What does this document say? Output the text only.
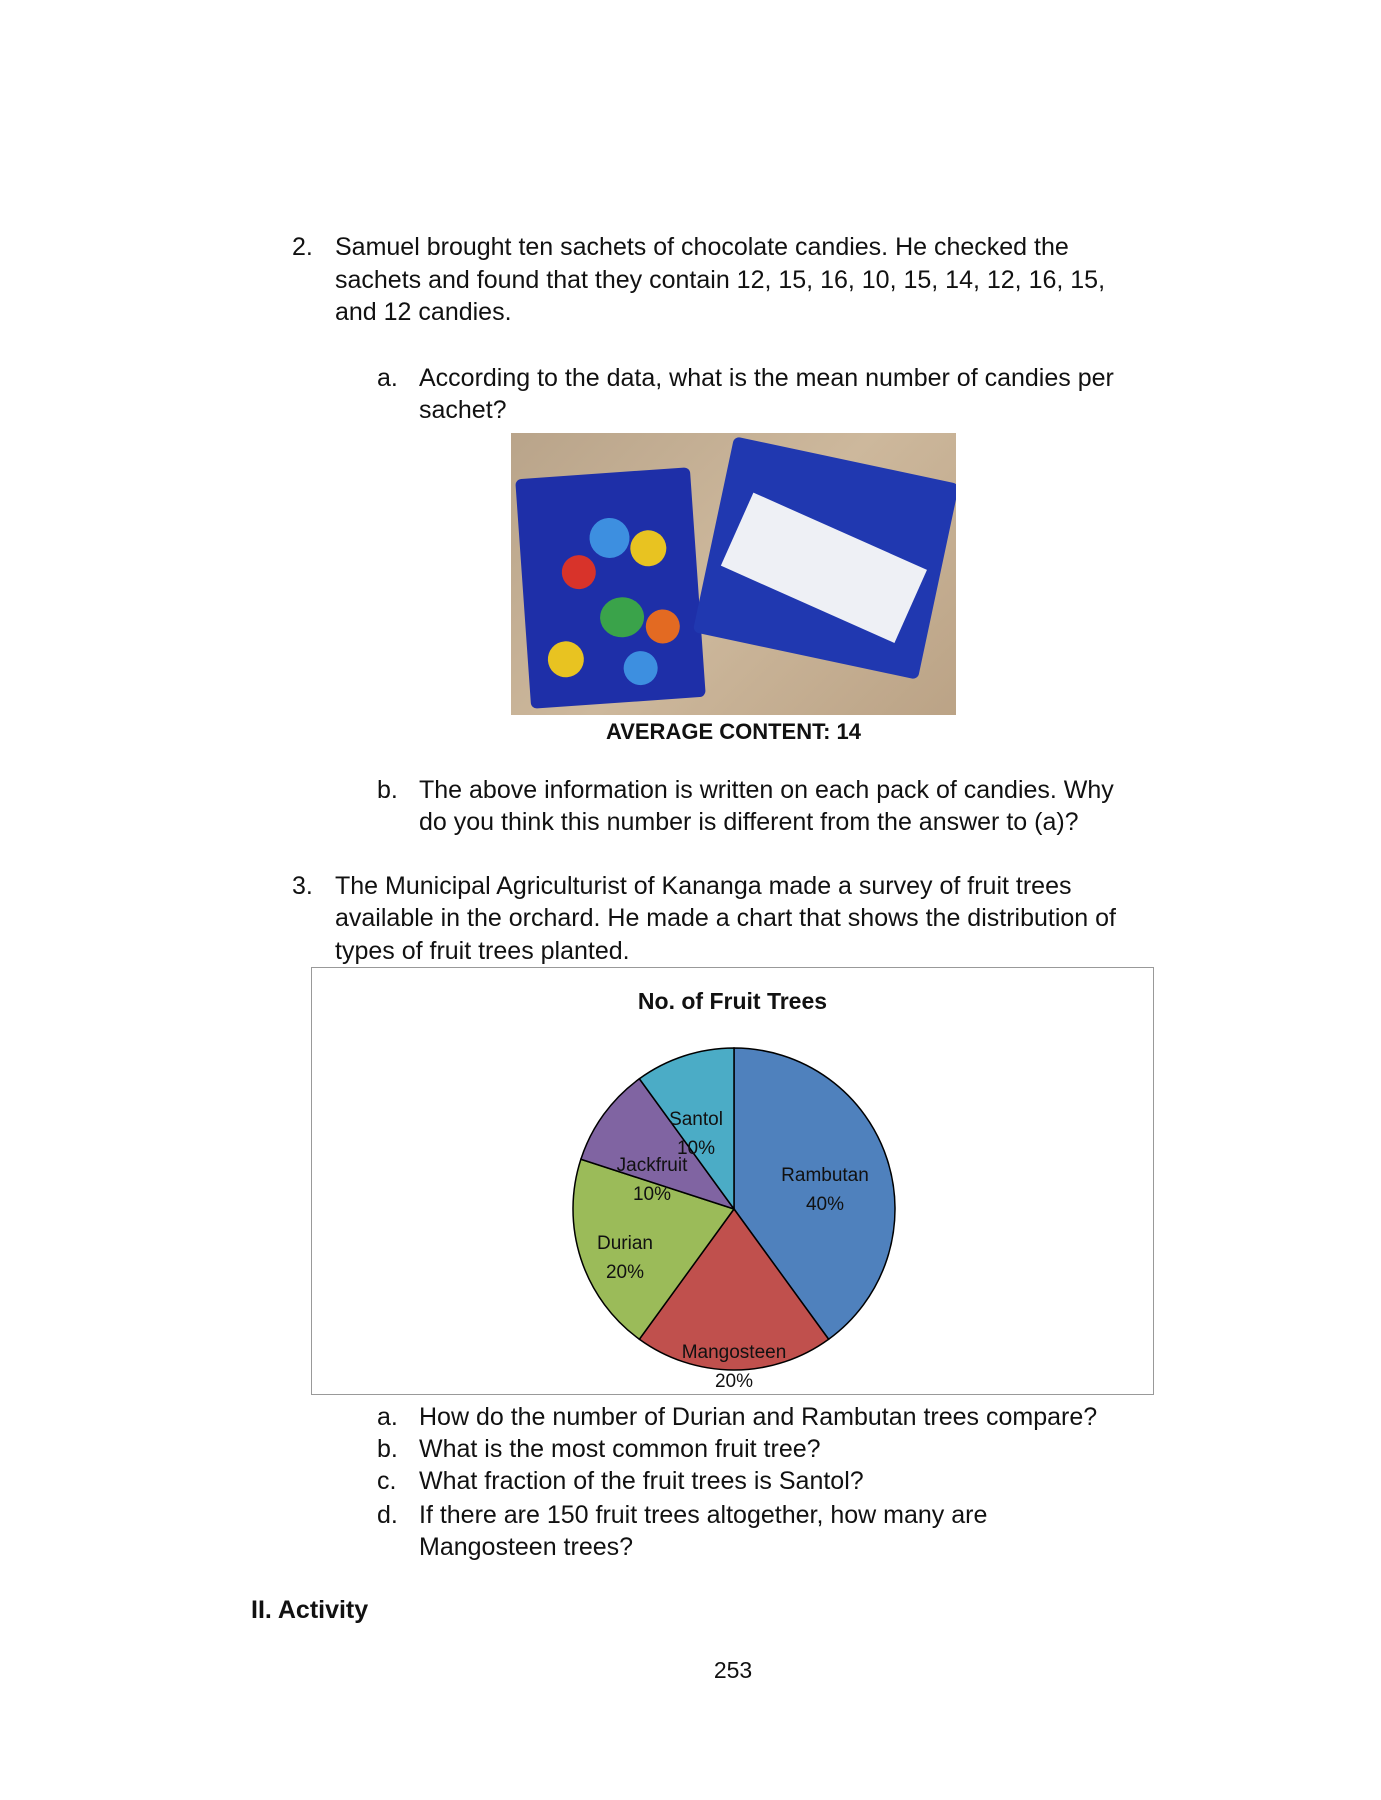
2. Samuel brought ten sachets of chocolate candies. He checked the
sachets and found that they contain 12, 15, 16, 10, 15, 14, 12, 16, 15,
and 12 candies.
a. According to the data, what is the mean number of candies per
sachet?
AVERAGE CONTENT: 14
b. The above information is written on each pack of candies. Why
do you think this number is different from the answer to (a)?
3. The Municipal Agriculturist of Kananga made a survey of fruit trees
available in the orchard. He made a chart that shows the distribution of
types of fruit trees planted.
No. of Fruit Trees
Rambutan
40%
Mangosteen
20%
Durian
20%
Jackfruit
10%
Santol
10%
a. How do the number of Durian and Rambutan trees compare?
b. What is the most common fruit tree?
c. What fraction of the fruit trees is Santol?
d. If there are 150 fruit trees altogether, how many are
Mangosteen trees?
II. Activity
253
